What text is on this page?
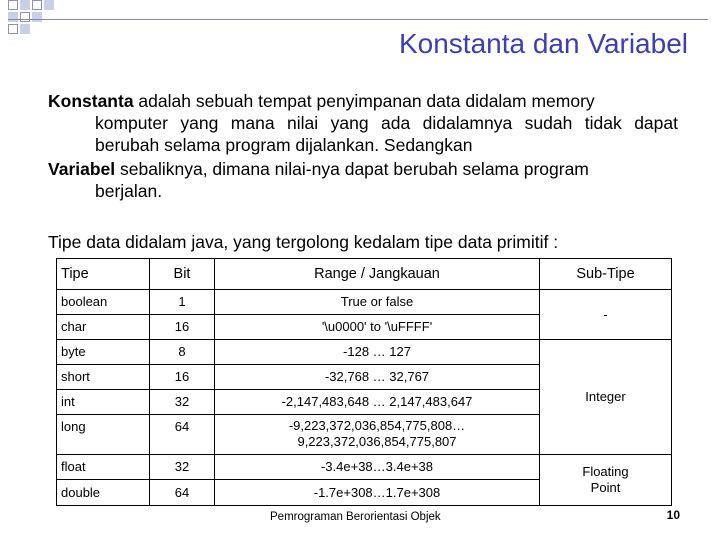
Konstanta dan Variabel
Konstanta adalah sebuah tempat penyimpanan data didalam memory
komputer yang mana nilai yang ada didalamnya sudah tidak dapat berubah selama program dijalankan. Sedangkan
Variabel sebaliknya, dimana nilai-nya dapat berubah selama program
berjalan.
Tipe data didalam java, yang tergolong kedalam tipe data primitif :
Tipe	Bit	Range / Jangkauan	Sub-Tipe
boolean	1	True or false	-
char	16	'\u0000' to '\uFFFF'	
byte	8	-128 … 127	Integer
short	16	-32,768 … 32,767	
int	32	-2,147,483,648 … 2,147,483,647	
long	64	-9,223,372,036,854,775,808…
9,223,372,036,854,775,807	
float	32	-3.4e+38…3.4e+38	Floating Point
double	64	-1.7e+308…1.7e+308	
Pemrograman Berorientasi Objek	10
